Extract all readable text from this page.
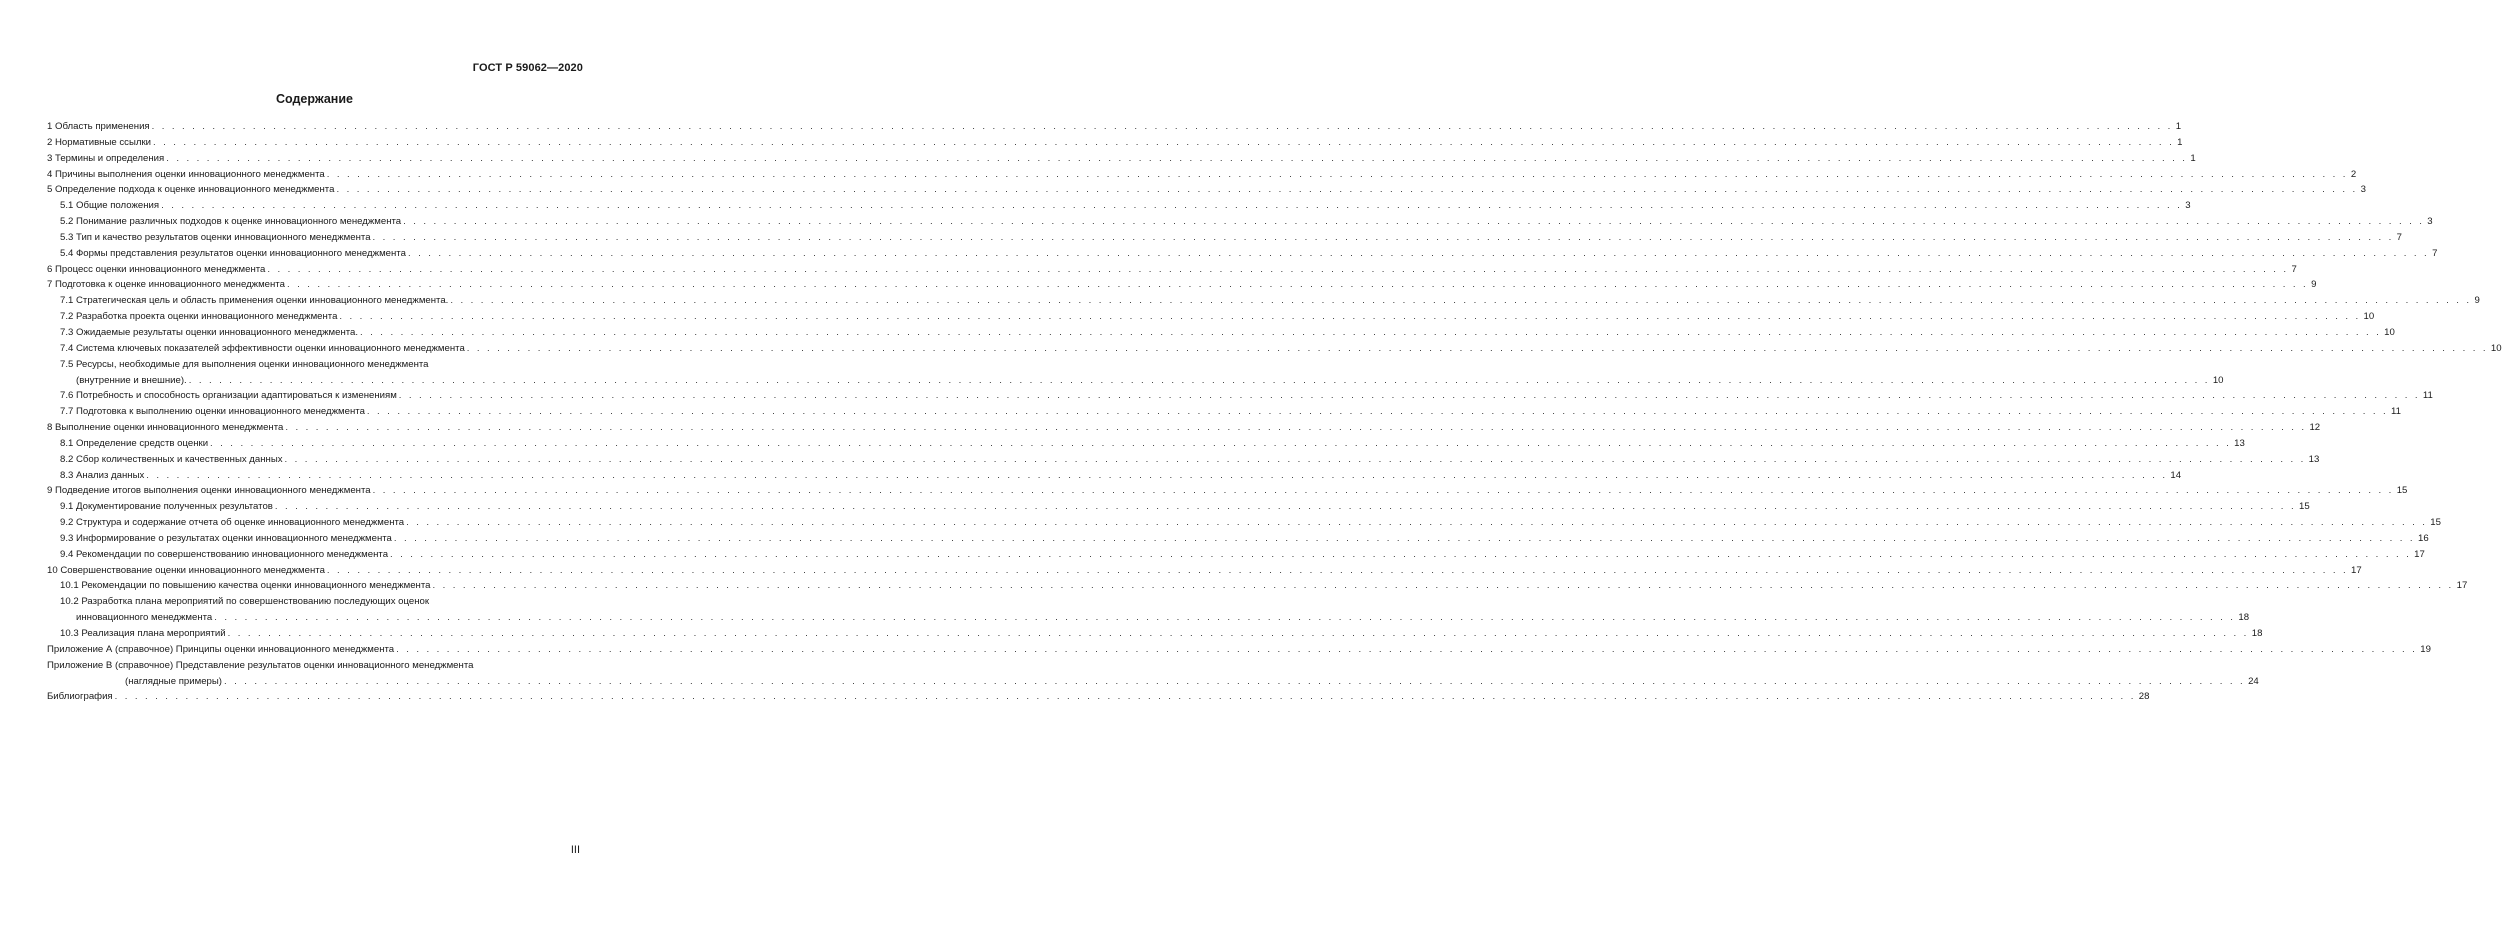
ГОСТ Р 59062—2020
Содержание
1 Область применения . . . . . . . . . . . . . . . . . . . . . . . . . . . . . . . . . . . . . . . . . . . . . . . . . . . . . . . . . . . . . . . . . . . . . . . . . . . . . . . . . . . . . . . . . . . . . . . . . . . . . . . . . . . . . . . . . . . . . . . . . . . . . . . . . . . . . . . . . . . . . . . . . . . . . . . . . . . . . . . . . . . . . . . . . . . . . . . . . . . . . . . . . . . . . . . . . . . . . . . . 1
2 Нормативные ссылки . . . . . . . . . . . . . . . . . . . . . . . . . . . . . . . . . . . . . . . . . . . . . . . . . . . . . . . . . . . . . . . . . . . . . . . . . . . . . . . . . . . . . . . . . . . . . . . . . . . . . . . . . . . . . . . . . . . . . . . . . . . . . . . . . . . . . . . . . . . . . . . . . . . . . . . . . . . . . . . . . . . . . . . . . . . . . . . . . . . . . . . . . . . . . . . . . . . . . . . . 1
3 Термины и определения . . . . . . . . . . . . . . . . . . . . . . . . . . . . . . . . . . . . . . . . . . . . . . . . . . . . . . . . . . . . . . . . . . . . . . . . . . . . . . . . . . . . . . . . . . . . . . . . . . . . . . . . . . . . . . . . . . . . . . . . . . . . . . . . . . . . . . . . . . . . . . . . . . . . . . . . . . . . . . . . . . . . . . . . . . . . . . . . . . . . . . . . . . . . . . . . . . . . . . . . 1
4 Причины выполнения оценки инновационного менеджмента . . . . . . . . . . . . . . . . . . . . . . . . . . . . . . . . . . . . . . . . . . . . . . . . . . . . . . . . . . . . . . . . . . . . . . . . . . . . . . . . . . . . . . . . . . . . . . . . . . . . . . . . . . . . . . . . . . . . . . . . . . . . . . . . . . . . . . . . . . . . . . . . . . . . . . . . . . . . . . . . . . . . . . . . . . . . . . . . . . . . . . . . . . . . . . . . . . . . . . . . 2
5 Определение подхода к оценке инновационного менеджмента . . . . . . . . . . . . . . . . . . . . . . . . . . . . . . . . . . . . . . . . . . . . . . . . . . . . . . . . . . . . . . . . . . . . . . . . . . . . . . . . . . . . . . . . . . . . . . . . . . . . . . . . . . . . . . . . . . . . . . . . . . . . . . . . . . . . . . . . . . . . . . . . . . . . . . . . . . . . . . . . . . . . . . . . . . . . . . . . . . . . . . . . . . . . . . . . . . . . . . . . 3
5.1 Общие положения . . . . . . . . . . . . . . . . . . . . . . . . . . . . . . . . . . . . . . . . . . . . . . . . . . . . . . . . . . . . . . . . . . . . . . . . . . . . . . . . . . . . . . . . . . . . . . . . . . . . . . . . . . . . . . . . . . . . . . . . . . . . . . . . . . . . . . . . . . . . . . . . . . . . . . . . . . . . . . . . . . . . . . . . . . . . . . . . . . . . . . . . . . . . . . . . . . . . . . . . 3
5.2 Понимание различных подходов к оценке инновационного менеджмента . . . . . . . . . . . . . . . . . . . . . . . . . . . . . . . . . . . . . . . . . . . . . . . . . . . . . . . . . . . . . . . . . . . . . . . . . . . . . . . . . . . . . . . . . . . . . . . . . . . . . . . . . . . . . . . . . . . . . . . . . . . . . . . . . . . . . . . . . . . . . . . . . . . . . . . . . . . . . . . . . . . . . . . . . . . . . . . . . . . . . . . . . . . . . . . . . . . . . . . . 3
5.3 Тип и качество результатов оценки инновационного менеджмента . . . . . . . . . . . . . . . . . . . . . . . . . . . . . . . . . . . . . . . . . . . . . . . . . . . . . . . . . . . . . . . . . . . . . . . . . . . . . . . . . . . . . . . . . . . . . . . . . . . . . . . . . . . . . . . . . . . . . . . . . . . . . . . . . . . . . . . . . . . . . . . . . . . . . . . . . . . . . . . . . . . . . . . . . . . . . . . . . . . . . . . . . . . . . . . . . . . . . . . . 7
5.4 Формы представления результатов оценки инновационного менеджмента . . . . . . . . . . . . . . . . . . . . . . . . . . . . . . . . . . . . . . . . . . . . . . . . . . . . . . . . . . . . . . . . . . . . . . . . . . . . . . . . . . . . . . . . . . . . . . . . . . . . . . . . . . . . . . . . . . . . . . . . . . . . . . . . . . . . . . . . . . . . . . . . . . . . . . . . . . . . . . . . . . . . . . . . . . . . . . . . . . . . . . . . . . . . . . . . . . . . . . . . 7
6 Процесс оценки инновационного менеджмента . . . . . . . . . . . . . . . . . . . . . . . . . . . . . . . . . . . . . . . . . . . . . . . . . . . . . . . . . . . . . . . . . . . . . . . . . . . . . . . . . . . . . . . . . . . . . . . . . . . . . . . . . . . . . . . . . . . . . . . . . . . . . . . . . . . . . . . . . . . . . . . . . . . . . . . . . . . . . . . . . . . . . . . . . . . . . . . . . . . . . . . . . . . . . . . . . . . . . . . . 7
7 Подготовка к оценке инновационного менеджмента . . . . . . . . . . . . . . . . . . . . . . . . . . . . . . . . . . . . . . . . . . . . . . . . . . . . . . . . . . . . . . . . . . . . . . . . . . . . . . . . . . . . . . . . . . . . . . . . . . . . . . . . . . . . . . . . . . . . . . . . . . . . . . . . . . . . . . . . . . . . . . . . . . . . . . . . . . . . . . . . . . . . . . . . . . . . . . . . . . . . . . . . . . . . . . . . . . . . . . . . 9
7.1 Стратегическая цель и область применения оценки инновационного менеджмента. . . . . . . . . . . . . . . . . . . . . . . . . . . . . . . . . . . . . . . . . . . . . . . . . . . . . . . . . . . . . . . . . . . . . . . . . . . . . . . . . . . . . . . . . . . . . . . . . . . . . . . . . . . . . . . . . . . . . . . . . . . . . . . . . . . . . . . . . . . . . . . . . . . . . . . . . . . . . . . . . . . . . . . . . . . . . . . . . . . . . . . . . . . . . . . . . . . . . . . . . 9
7.2 Разработка проекта оценки инновационного менеджмента . . . . . . . . . . . . . . . . . . . . . . . . . . . . . . . . . . . . . . . . . . . . . . . . . . . . . . . . . . . . . . . . . . . . . . . . . . . . . . . . . . . . . . . . . . . . . . . . . . . . . . . . . . . . . . . . . . . . . . . . . . . . . . . . . . . . . . . . . . . . . . . . . . . . . . . . . . . . . . . . . . . . . . . . . . . . . . . . . . . . . . . . . . . . . . . . . . . . . . . . 10
7.3 Ожидаемые результаты оценки инновационного менеджмента. . . . . . . . . . . . . . . . . . . . . . . . . . . . . . . . . . . . . . . . . . . . . . . . . . . . . . . . . . . . . . . . . . . . . . . . . . . . . . . . . . . . . . . . . . . . . . . . . . . . . . . . . . . . . . . . . . . . . . . . . . . . . . . . . . . . . . . . . . . . . . . . . . . . . . . . . . . . . . . . . . . . . . . . . . . . . . . . . . . . . . . . . . . . . . . . . . . . . . . . . 10
7.4 Система ключевых показателей эффективности оценки инновационного менеджмента . . . . . . . . . . . . . . . . . . . . . . . . . . . . . . . . . . . . . . . . . . . . . . . . . . . . . . . . . . . . . . . . . . . . . . . . . . . . . . . . . . . . . . . . . . . . . . . . . . . . . . . . . . . . . . . . . . . . . . . . . . . . . . . . . . . . . . . . . . . . . . . . . . . . . . . . . . . . . . . . . . . . . . . . . . . . . . . . . . . . . . . . . . . . . . . . . . . . . . . . 10
7.5 Ресурсы, необходимые для выполнения оценки инновационного менеджмента
(внутренние и внешние). . . . . . . . . . . . . . . . . . . . . . . . . . . . . . . . . . . . . . . . . . . . . . . . . . . . . . . . . . . . . . . . . . . . . . . . . . . . . . . . . . . . . . . . . . . . . . . . . . . . . . . . . . . . . . . . . . . . . . . . . . . . . . . . . . . . . . . . . . . . . . . . . . . . . . . . . . . . . . . . . . . . . . . . . . . . . . . . . . . . . . . . . . . . . . . . . . . . . . . . . 10
7.6 Потребность и способность организации адаптироваться к изменениям . . . . . . . . . . . . . . . . . . . . . . . . . . . . . . . . . . . . . . . . . . . . . . . . . . . . . . . . . . . . . . . . . . . . . . . . . . . . . . . . . . . . . . . . . . . . . . . . . . . . . . . . . . . . . . . . . . . . . . . . . . . . . . . . . . . . . . . . . . . . . . . . . . . . . . . . . . . . . . . . . . . . . . . . . . . . . . . . . . . . . . . . . . . . . . . . . . . . . . . . 11
7.7 Подготовка к выполнению оценки инновационного менеджмента . . . . . . . . . . . . . . . . . . . . . . . . . . . . . . . . . . . . . . . . . . . . . . . . . . . . . . . . . . . . . . . . . . . . . . . . . . . . . . . . . . . . . . . . . . . . . . . . . . . . . . . . . . . . . . . . . . . . . . . . . . . . . . . . . . . . . . . . . . . . . . . . . . . . . . . . . . . . . . . . . . . . . . . . . . . . . . . . . . . . . . . . . . . . . . . . . . . . . . . . 11
8 Выполнение оценки инновационного менеджмента . . . . . . . . . . . . . . . . . . . . . . . . . . . . . . . . . . . . . . . . . . . . . . . . . . . . . . . . . . . . . . . . . . . . . . . . . . . . . . . . . . . . . . . . . . . . . . . . . . . . . . . . . . . . . . . . . . . . . . . . . . . . . . . . . . . . . . . . . . . . . . . . . . . . . . . . . . . . . . . . . . . . . . . . . . . . . . . . . . . . . . . . . . . . . . . . . . . . . . . . 12
8.1 Определение средств оценки . . . . . . . . . . . . . . . . . . . . . . . . . . . . . . . . . . . . . . . . . . . . . . . . . . . . . . . . . . . . . . . . . . . . . . . . . . . . . . . . . . . . . . . . . . . . . . . . . . . . . . . . . . . . . . . . . . . . . . . . . . . . . . . . . . . . . . . . . . . . . . . . . . . . . . . . . . . . . . . . . . . . . . . . . . . . . . . . . . . . . . . . . . . . . . . . . . . . . . . . 13
8.2 Сбор количественных и качественных данных . . . . . . . . . . . . . . . . . . . . . . . . . . . . . . . . . . . . . . . . . . . . . . . . . . . . . . . . . . . . . . . . . . . . . . . . . . . . . . . . . . . . . . . . . . . . . . . . . . . . . . . . . . . . . . . . . . . . . . . . . . . . . . . . . . . . . . . . . . . . . . . . . . . . . . . . . . . . . . . . . . . . . . . . . . . . . . . . . . . . . . . . . . . . . . . . . . . . . . . . 13
8.3 Анализ данных . . . . . . . . . . . . . . . . . . . . . . . . . . . . . . . . . . . . . . . . . . . . . . . . . . . . . . . . . . . . . . . . . . . . . . . . . . . . . . . . . . . . . . . . . . . . . . . . . . . . . . . . . . . . . . . . . . . . . . . . . . . . . . . . . . . . . . . . . . . . . . . . . . . . . . . . . . . . . . . . . . . . . . . . . . . . . . . . . . . . . . . . . . . . . . . . . . . . . . . . 14
9 Подведение итогов выполнения оценки инновационного менеджмента . . . . . . . . . . . . . . . . . . . . . . . . . . . . . . . . . . . . . . . . . . . . . . . . . . . . . . . . . . . . . . . . . . . . . . . . . . . . . . . . . . . . . . . . . . . . . . . . . . . . . . . . . . . . . . . . . . . . . . . . . . . . . . . . . . . . . . . . . . . . . . . . . . . . . . . . . . . . . . . . . . . . . . . . . . . . . . . . . . . . . . . . . . . . . . . . . . . . . . . . 15
9.1 Документирование полученных результатов . . . . . . . . . . . . . . . . . . . . . . . . . . . . . . . . . . . . . . . . . . . . . . . . . . . . . . . . . . . . . . . . . . . . . . . . . . . . . . . . . . . . . . . . . . . . . . . . . . . . . . . . . . . . . . . . . . . . . . . . . . . . . . . . . . . . . . . . . . . . . . . . . . . . . . . . . . . . . . . . . . . . . . . . . . . . . . . . . . . . . . . . . . . . . . . . . . . . . . . . 15
9.2 Структура и содержание отчета об оценке инновационного менеджмента . . . . . . . . . . . . . . . . . . . . . . . . . . . . . . . . . . . . . . . . . . . . . . . . . . . . . . . . . . . . . . . . . . . . . . . . . . . . . . . . . . . . . . . . . . . . . . . . . . . . . . . . . . . . . . . . . . . . . . . . . . . . . . . . . . . . . . . . . . . . . . . . . . . . . . . . . . . . . . . . . . . . . . . . . . . . . . . . . . . . . . . . . . . . . . . . . . . . . . . . 15
9.3 Информирование о результатах оценки инновационного менеджмента . . . . . . . . . . . . . . . . . . . . . . . . . . . . . . . . . . . . . . . . . . . . . . . . . . . . . . . . . . . . . . . . . . . . . . . . . . . . . . . . . . . . . . . . . . . . . . . . . . . . . . . . . . . . . . . . . . . . . . . . . . . . . . . . . . . . . . . . . . . . . . . . . . . . . . . . . . . . . . . . . . . . . . . . . . . . . . . . . . . . . . . . . . . . . . . . . . . . . . . . 16
9.4 Рекомендации по совершенствованию инновационного менеджмента . . . . . . . . . . . . . . . . . . . . . . . . . . . . . . . . . . . . . . . . . . . . . . . . . . . . . . . . . . . . . . . . . . . . . . . . . . . . . . . . . . . . . . . . . . . . . . . . . . . . . . . . . . . . . . . . . . . . . . . . . . . . . . . . . . . . . . . . . . . . . . . . . . . . . . . . . . . . . . . . . . . . . . . . . . . . . . . . . . . . . . . . . . . . . . . . . . . . . . . . 17
10 Совершенствование оценки инновационного менеджмента . . . . . . . . . . . . . . . . . . . . . . . . . . . . . . . . . . . . . . . . . . . . . . . . . . . . . . . . . . . . . . . . . . . . . . . . . . . . . . . . . . . . . . . . . . . . . . . . . . . . . . . . . . . . . . . . . . . . . . . . . . . . . . . . . . . . . . . . . . . . . . . . . . . . . . . . . . . . . . . . . . . . . . . . . . . . . . . . . . . . . . . . . . . . . . . . . . . . . . . . 17
10.1 Рекомендации по повышению качества оценки инновационного менеджмента . . . . . . . . . . . . . . . . . . . . . . . . . . . . . . . . . . . . . . . . . . . . . . . . . . . . . . . . . . . . . . . . . . . . . . . . . . . . . . . . . . . . . . . . . . . . . . . . . . . . . . . . . . . . . . . . . . . . . . . . . . . . . . . . . . . . . . . . . . . . . . . . . . . . . . . . . . . . . . . . . . . . . . . . . . . . . . . . . . . . . . . . . . . . . . . . . . . . . . . . 17
10.2 Разработка плана мероприятий по совершенствованию последующих оценок
инновационного менеджмента . . . . . . . . . . . . . . . . . . . . . . . . . . . . . . . . . . . . . . . . . . . . . . . . . . . . . . . . . . . . . . . . . . . . . . . . . . . . . . . . . . . . . . . . . . . . . . . . . . . . . . . . . . . . . . . . . . . . . . . . . . . . . . . . . . . . . . . . . . . . . . . . . . . . . . . . . . . . . . . . . . . . . . . . . . . . . . . . . . . . . . . . . . . . . . . . . . . . . . . . 18
10.3 Реализация плана мероприятий . . . . . . . . . . . . . . . . . . . . . . . . . . . . . . . . . . . . . . . . . . . . . . . . . . . . . . . . . . . . . . . . . . . . . . . . . . . . . . . . . . . . . . . . . . . . . . . . . . . . . . . . . . . . . . . . . . . . . . . . . . . . . . . . . . . . . . . . . . . . . . . . . . . . . . . . . . . . . . . . . . . . . . . . . . . . . . . . . . . . . . . . . . . . . . . . . . . . . . . . 18
Приложение А (справочное) Принципы оценки инновационного менеджмента . . . . . . . . . . . . . . . . . . . . . . . . . . . . . . . . . . . . . . . . . . . . . . . . . . . . . . . . . . . . . . . . . . . . . . . . . . . . . . . . . . . . . . . . . . . . . . . . . . . . . . . . . . . . . . . . . . . . . . . . . . . . . . . . . . . . . . . . . . . . . . . . . . . . . . . . . . . . . . . . . . . . . . . . . . . . . . . . . . . . . . . . . . . . . . . . . . . . . . . . 19
Приложение В (справочное) Представление результатов оценки инновационного менеджмента
(наглядные примеры) . . . . . . . . . . . . . . . . . . . . . . . . . . . . . . . . . . . . . . . . . . . . . . . . . . . . . . . . . . . . . . . . . . . . . . . . . . . . . . . . . . . . . . . . . . . . . . . . . . . . . . . . . . . . . . . . . . . . . . . . . . . . . . . . . . . . . . . . . . . . . . . . . . . . . . . . . . . . . . . . . . . . . . . . . . . . . . . . . . . . . . . . . . . . . . . . . . . . . . . . 24
Библиография . . . . . . . . . . . . . . . . . . . . . . . . . . . . . . . . . . . . . . . . . . . . . . . . . . . . . . . . . . . . . . . . . . . . . . . . . . . . . . . . . . . . . . . . . . . . . . . . . . . . . . . . . . . . . . . . . . . . . . . . . . . . . . . . . . . . . . . . . . . . . . . . . . . . . . . . . . . . . . . . . . . . . . . . . . . . . . . . . . . . . . . . . . . . . . . . . . . . . . . . 28
III
